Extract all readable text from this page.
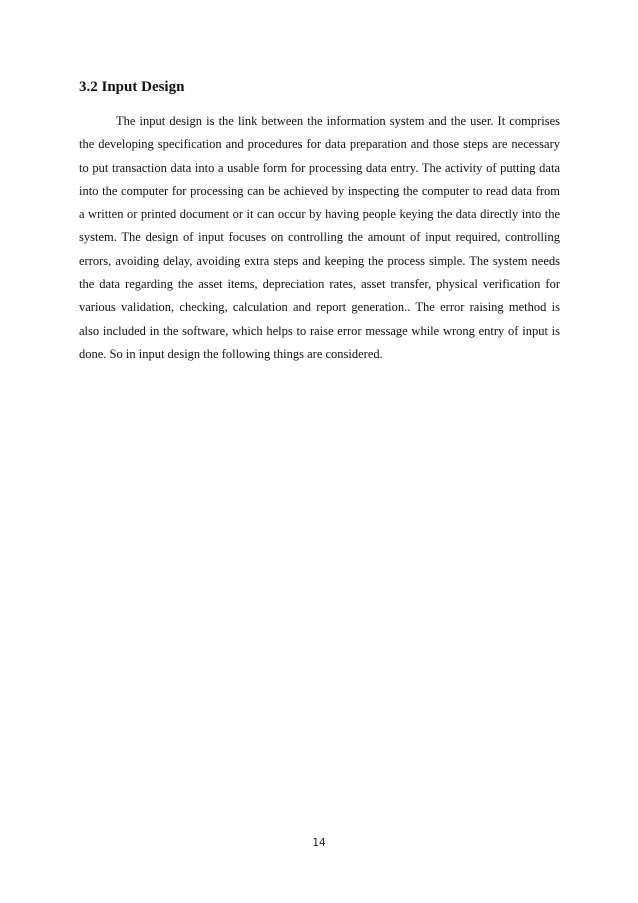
3.2 Input Design
The input design is the link between the information system and the user. It comprises
the developing specification and procedures for data preparation and those steps are necessary
to put transaction data into a usable form for processing data entry. The activity of putting data
into the computer for processing can be achieved by inspecting the computer to read data from
a written or printed document or it can occur by having people keying the data directly into the
system. The design of input focuses on controlling the amount of input required, controlling
errors, avoiding delay, avoiding extra steps and keeping the process simple. The system needs
the data regarding the asset items, depreciation rates, asset transfer, physical verification for
various validation, checking, calculation and report generation.. The error raising method is
also included in the software, which helps to raise error message while wrong entry of input is
done. So in input design the following things are considered.
14
